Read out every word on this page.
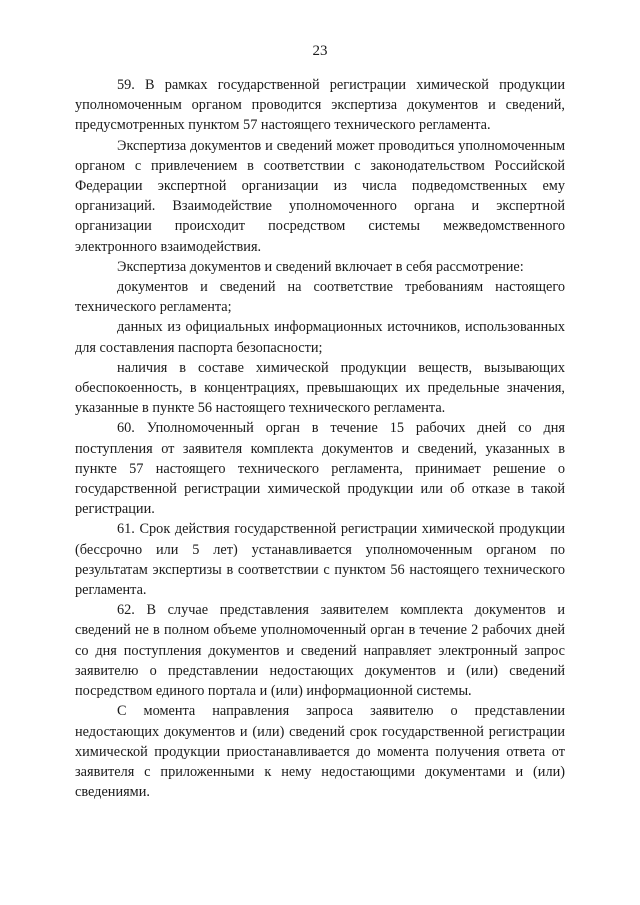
23

59. В рамках государственной регистрации химической продукции уполномоченным органом проводится экспертиза документов и сведений, предусмотренных пунктом 57 настоящего технического регламента.

Экспертиза документов и сведений может проводиться уполномоченным органом с привлечением в соответствии с законодательством Российской Федерации экспертной организации из числа подведомственных ему организаций. Взаимодействие уполномоченного органа и экспертной организации происходит посредством системы межведомственного электронного взаимодействия.

Экспертиза документов и сведений включает в себя рассмотрение:

документов и сведений на соответствие требованиям настоящего технического регламента;

данных из официальных информационных источников, использованных для составления паспорта безопасности;

наличия в составе химической продукции веществ, вызывающих обеспокоенность, в концентрациях, превышающих их предельные значения, указанные в пункте 56 настоящего технического регламента.

60. Уполномоченный орган в течение 15 рабочих дней со дня поступления от заявителя комплекта документов и сведений, указанных в пункте 57 настоящего технического регламента, принимает решение о государственной регистрации химической продукции или об отказе в такой регистрации.

61. Срок действия государственной регистрации химической продукции (бессрочно или 5 лет) устанавливается уполномоченным органом по результатам экспертизы в соответствии с пунктом 56 настоящего технического регламента.

62. В случае представления заявителем комплекта документов и сведений не в полном объеме уполномоченный орган в течение 2 рабочих дней со дня поступления документов и сведений направляет электронный запрос заявителю о представлении недостающих документов и (или) сведений посредством единого портала и (или) информационной системы.

С момента направления запроса заявителю о представлении недостающих документов и (или) сведений срок государственной регистрации химической продукции приостанавливается до момента получения ответа от заявителя с приложенными к нему недостающими документами и (или) сведениями.
